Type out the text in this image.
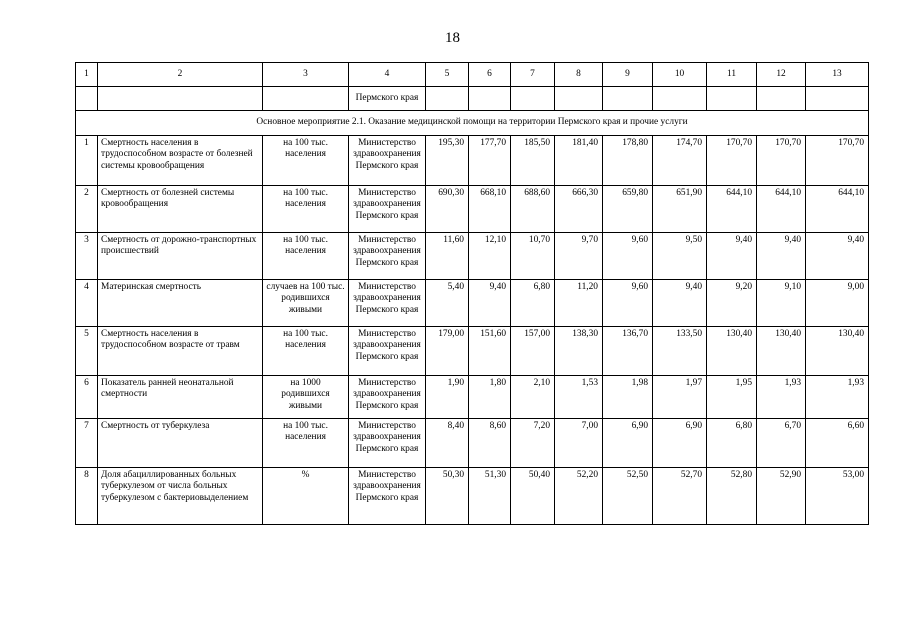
18
1	2	3	4	5	6	7	8	9	10	11	12	13
			Пермского края									
Основное мероприятие 2.1. Оказание медицинской помощи на территории Пермского края и прочие услуги												
1	Смертность населения в трудоспособном возрасте от болезней системы кровообращения	на 100 тыс. населения	Министерство здравоохранения Пермского края	195,30	177,70	185,50	181,40	178,80	174,70	170,70	170,70	170,70
2	Смертность от болезней системы кровообращения	на 100 тыс. населения	Министерство здравоохранения Пермского края	690,30	668,10	688,60	666,30	659,80	651,90	644,10	644,10	644,10
3	Смертность от дорожно-транспортных происшествий	на 100 тыс. населения	Министерство здравоохранения Пермского края	11,60	12,10	10,70	9,70	9,60	9,50	9,40	9,40	9,40
4	Материнская смертность	случаев на 100 тыс. родившихся живыми	Министерство здравоохранения Пермского края	5,40	9,40	6,80	11,20	9,60	9,40	9,20	9,10	9,00
5	Смертность населения в трудоспособном возрасте от травм	на 100 тыс. населения	Министерство здравоохранения Пермского края	179,00	151,60	157,00	138,30	136,70	133,50	130,40	130,40	130,40
6	Показатель ранней неонатальной смертности	на 1000 родившихся живыми	Министерство здравоохранения Пермского края	1,90	1,80	2,10	1,53	1,98	1,97	1,95	1,93	1,93
7	Смертность от туберкулеза	на 100 тыс. населения	Министерство здравоохранения Пермского края	8,40	8,60	7,20	7,00	6,90	6,90	6,80	6,70	6,60
8	Доля абациллированных больных туберкулезом от числа больных туберкулезом с бактериовыделением	%	Министерство здравоохранения Пермского края	50,30	51,30	50,40	52,20	52,50	52,70	52,80	52,90	53,00
